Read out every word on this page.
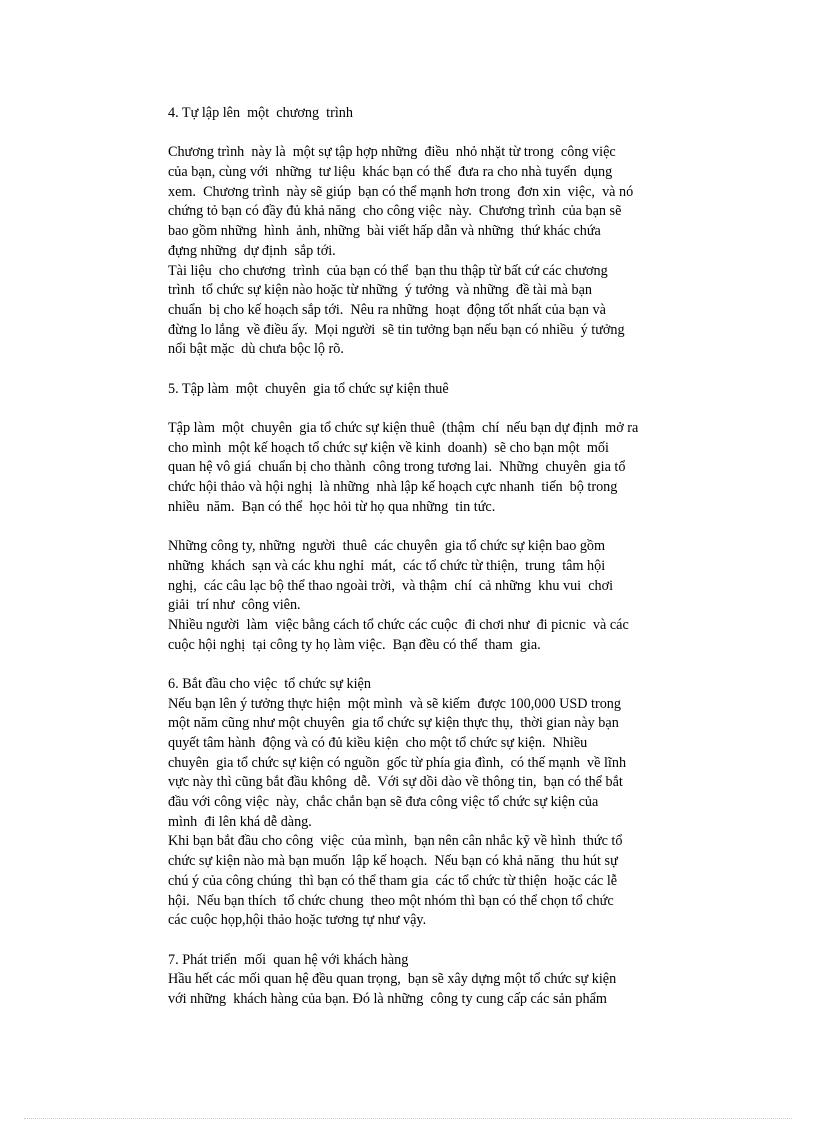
4. Tự lập lên  một  chương  trình
Chương trình  này là  một sự tập hợp những  điều  nhỏ nhặt từ trong  công việc
của bạn, cùng với  những  tư liệu  khác bạn có thể  đưa ra cho nhà tuyển  dụng
xem.  Chương trình  này sẽ giúp  bạn có thể mạnh hơn trong  đơn xin  việc,  và nó
chứng tỏ bạn có đầy đủ khả năng  cho công việc  này.  Chương trình  của bạn sẽ
bao gồm những  hình  ảnh, những  bài viết hấp dẫn và những  thứ khác chứa
đựng những  dự định  sắp tới.
Tài liệu  cho chương  trình  của bạn có thể  bạn thu thập từ bất cứ các chương
trình  tổ chức sự kiện nào hoặc từ những  ý tưởng  và những  đề tài mà bạn
chuẩn  bị cho kế hoạch sắp tới.  Nêu ra những  hoạt  động tốt nhất của bạn và
đừng lo lắng  về điều ấy.  Mọi người  sẽ tin tưởng bạn nếu bạn có nhiều  ý tưởng
nổi bật mặc  dù chưa bộc lộ rõ.
5. Tập làm  một  chuyên  gia tổ chức sự kiện thuê
Tập làm  một  chuyên  gia tổ chức sự kiện thuê  (thậm  chí  nếu bạn dự định  mở ra
cho mình  một kế hoạch tổ chức sự kiện về kinh  doanh)  sẽ cho bạn một  mối
quan hệ vô giá  chuẩn bị cho thành  công trong tương lai.  Những  chuyên  gia tổ
chức hội thảo và hội nghị  là những  nhà lập kế hoạch cực nhanh  tiến  bộ trong
nhiều  năm.  Bạn có thể  học hỏi từ họ qua những  tin tức.
Những công ty, những  người  thuê  các chuyên  gia tổ chức sự kiện bao gồm
những  khách  sạn và các khu nghỉ  mát,  các tổ chức từ thiện,  trung  tâm hội
nghị,  các câu lạc bộ thể thao ngoài trời,  và thậm  chí  cả những  khu vui  chơi
giải  trí như  công viên.
Nhiều người  làm  việc bằng cách tổ chức các cuộc  đi chơi như  đi picnic  và các
cuộc hội nghị  tại công ty họ làm việc.  Bạn đều có thể  tham  gia.
6. Bắt đầu cho việc  tổ chức sự kiện
Nếu bạn lên ý tưởng thực hiện  một mình  và sẽ kiếm  được 100,000 USD trong
một năm cũng như một chuyên  gia tổ chức sự kiện thực thụ,  thời gian này bạn
quyết tâm hành  động và có đủ kiều kiện  cho một tổ chức sự kiện.  Nhiều
chuyên  gia tổ chức sự kiện có nguồn  gốc từ phía gia đình,  có thế mạnh  về lĩnh
vực này thì cũng bắt đầu không  dễ.  Với sự dồi dào về thông tin,  bạn có thể bắt
đầu với công việc  này,  chắc chắn bạn sẽ đưa công việc tổ chức sự kiện của
mình  đi lên khá dễ dàng.
Khi bạn bắt đầu cho công  việc  của mình,  bạn nên cân nhắc kỹ về hình  thức tổ
chức sự kiện nào mà bạn muốn  lập kế hoạch.  Nếu bạn có khả năng  thu hút sự
chú ý của công chúng  thì bạn có thể tham gia  các tổ chức từ thiện  hoặc các lễ
hội.  Nếu bạn thích  tổ chức chung  theo một nhóm thì bạn có thể chọn tổ chức
các cuộc họp,hội thảo hoặc tương tự như vậy.
7. Phát triển  mối  quan hệ với khách hàng
Hầu hết các mối quan hệ đều quan trọng,  bạn sẽ xây dựng một tổ chức sự kiện
với những  khách hàng của bạn. Đó là những  công ty cung cấp các sản phẩm
